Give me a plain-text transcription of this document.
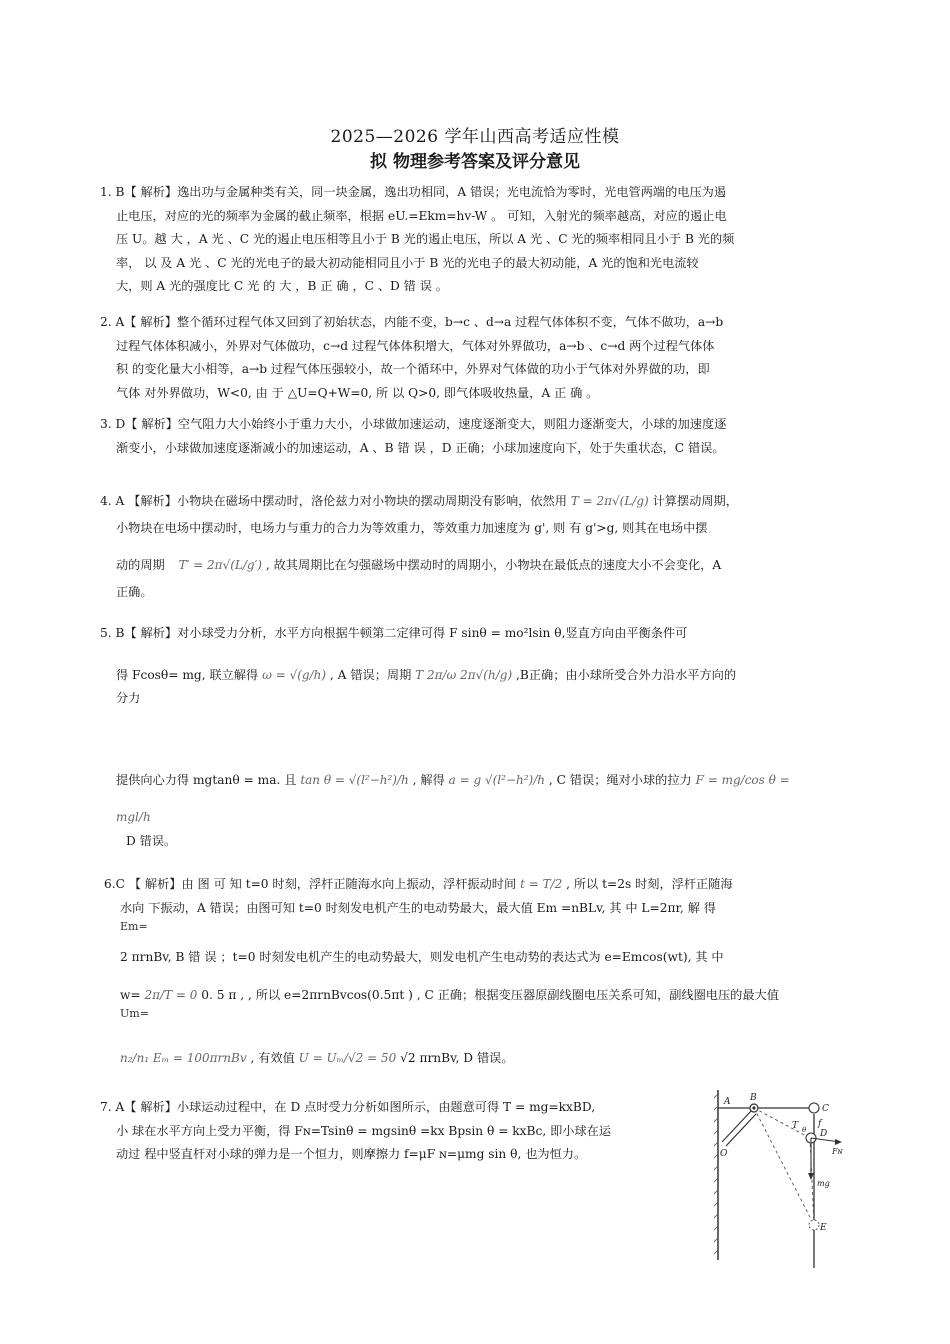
2025—2026 学年山西高考适应性模
拟 物理参考答案及评分意见

1. B【 解析】逸出功与金属种类有关，同一块金属，逸出功相同，A 错误；光电流恰为零时，光电管两端的电压为遏

止电压，对应的光的频率为金属的截止频率，根据 eU.=Ekm=hv-W 。 可知，入射光的频率越高，对应的遏止电

压 U。越 大 ，A 光 、C 光的遏止电压相等且小于 B 光的遏止电压，所以 A 光 、C 光的频率相同且小于 B 光的频

率， 以 及 A 光 、C 光的光电子的最大初动能相同且小于 B 光的光电子的最大初动能，A 光的饱和光电流较

大，则 A 光的强度比 C 光 的 大 ，B 正 确 ，C 、D 错 误 。

2. A【 解析】整个循环过程气体又回到了初始状态，内能不变，b→c 、d→a 过程气体体积不变，气体不做功，a→b

过程气体体积减小，外界对气体做功，c→d 过程气体体积增大，气体对外界做功，a→b 、c→d 两个过程气体体

积 的变化量大小相等，a→b 过程气体压强较小，故一个循环中，外界对气体做的功小于气体对外界做的功，即

气体 对外界做功，W<0, 由 于 △U=Q+W=0, 所 以 Q>0, 即气体吸收热量，A 正 确 。

3. D【 解析】空气阻力大小始终小于重力大小，小球做加速运动，速度逐渐变大，则阻力逐渐变大，小球的加速度逐

渐变小，小球做加速度逐渐减小的加速运动，A 、B 错 误 ，D 正确；小球加速度向下，处于失重状态，C 错误。

4. A 【解析】小物块在磁场中摆动时，洛伦兹力对小物块的摆动周期没有影响，依然用 T = 2π√(L/g) 计算摆动周期，

小物块在电场中摆动时，电场力与重力的合力为等效重力，等效重力加速度为 g', 则 有 g'>g, 则其在电场中摆

动的周期 T′ = 2π√(L/g′) , 故其周期比在匀强磁场中摆动时的周期小，小物块在最低点的速度大小不会变化，A

正确。

5. B【 解析】对小球受力分析，水平方向根据牛顿第二定律可得 F sinθ = mo²lsin θ,竖直方向由平衡条件可

得 Fcosθ= mg, 联立解得 ω = √(g/h) , A 错误；周期 T 2π/ω 2π√(h/g) ,B正确；由小球所受合外力沿水平方向的

分力

提供向心力得 mgtanθ = ma. 且 tan θ = √(l²−h²)/h , 解得 a = g √(l²−h²)/h , C 错误；绳对小球的拉力 F = mg/cos θ =

mgl/h

D 错误。

6.C 【 解析】由 图 可 知 t=0 时刻，浮杆正随海水向上振动，浮杆振动时间 t = T/2 , 所以 t=2s 时刻，浮杆正随海

水向 下振动，A 错误；由图可知 t=0 时刻发电机产生的电动势最大，最大值 Em =nBLv, 其 中 L=2πr, 解 得

Em=

2 πrnBv, B 错 误 ；t=0 时刻发电机产生的电动势最大，则发电机产生电动势的表达式为 e=Emcos(wt), 其 中

w= 2π/T = 0 0. 5 π , , 所以 e=2πrnBvcos(0.5πt ) , C 正确；根据变压器原副线圈电压关系可知，副线圈电压的最大值

Um=

n₂/n₁ Eₘ = 100πrnBv , 有效值 U = Uₘ/√2 = 50 √2 πrnBv, D 错误。

7. A【 解析】小球运动过程中，在 D 点时受力分析如图所示，由题意可得 T = mg=kxBD,

小 球在水平方向上受力平衡，得 Fɴ=Tsinθ = mgsinθ =kx Bpsin θ = kxBc, 即小球在运

动过 程中竖直杆对小球的弹力是一个恒力，则摩擦力 f=μF ɴ=μmg sin θ, 也为恒力。

A B
C
D
E
O
T θ
f
Fɴ
mg
